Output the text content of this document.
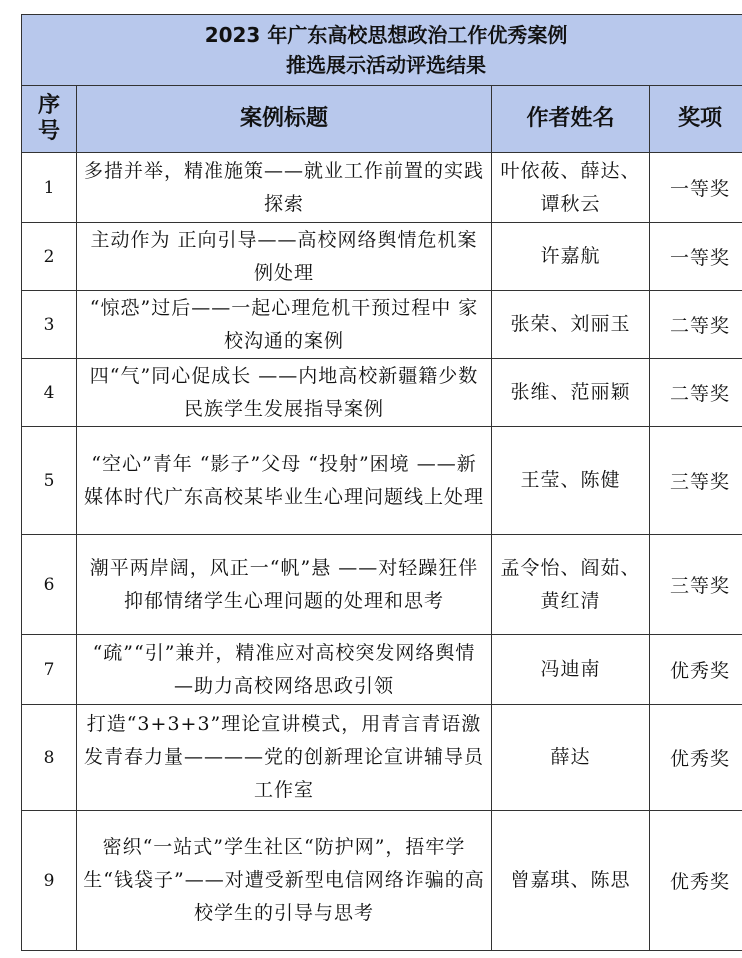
2023 年广东高校思想政治工作优秀案例
推选展示活动评选结果			

序
号	案例标题	作者姓名	奖项
1	多措并举，精准施策——就业工作前置的实践探索	叶依莜、薛达、谭秋云	一等奖
2	主动作为 正向引导——高校网络舆情危机案例处理	许嘉航	一等奖
3	“惊恐”过后——一起心理危机干预过程中 家校沟通的案例	张荣、刘丽玉	二等奖
4	四“气”同心促成长 ——内地高校新疆籍少数民族学生发展指导案例	张维、范丽颖	二等奖
5	“空心”青年 “影子”父母 “投射”困境 ——新媒体时代广东高校某毕业生心理问题线上处理	王莹、陈健	三等奖
6	潮平两岸阔，风正一“帆”悬 ——对轻躁狂伴抑郁情绪学生心理问题的处理和思考	孟令怡、阎茹、黄红清	三等奖
7	“疏”“引”兼并，精准应对高校突发网络舆情—助力高校网络思政引领	冯迪南	优秀奖
8	打造“3+3+3”理论宣讲模式，用青言青语激发青春力量————党的创新理论宣讲辅导员工作室	薛达	优秀奖
9	密织“一站式”学生社区“防护网”，捂牢学生“钱袋子”——对遭受新型电信网络诈骗的高校学生的引导与思考	曾嘉琪、陈思	优秀奖
